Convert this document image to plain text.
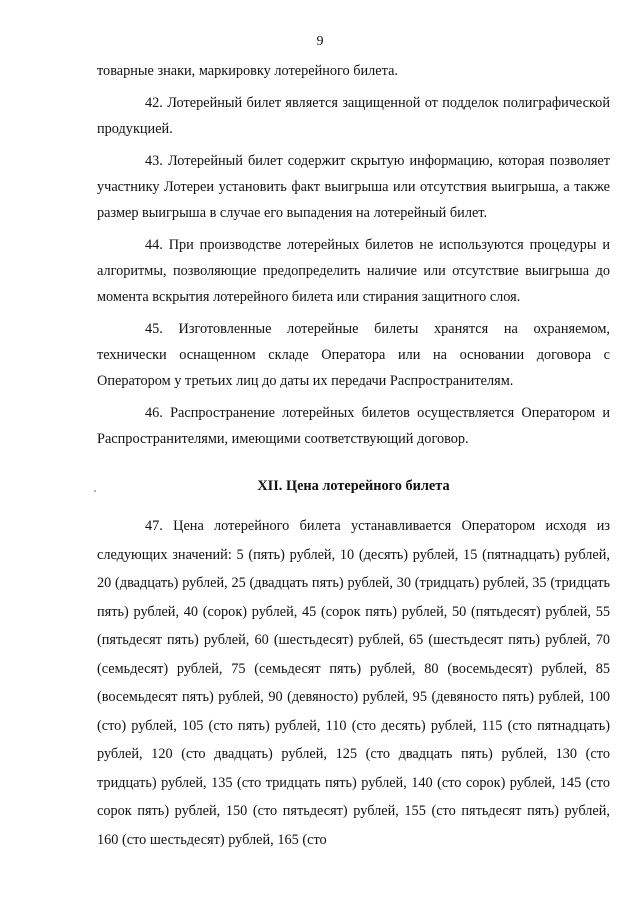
9

товарные знаки, маркировку лотерейного билета.

42. Лотерейный билет является защищенной от подделок полиграфической продукцией.

43. Лотерейный билет содержит скрытую информацию, которая позволяет участнику Лотереи установить факт выигрыша или отсутствия выигрыша, а также размер выигрыша в случае его выпадения на лотерейный билет.

44. При производстве лотерейных билетов не используются процедуры и алгоритмы, позволяющие предопределить наличие или отсутствие выигрыша до момента вскрытия лотерейного билета или стирания защитного слоя.

45. Изготовленные лотерейные билеты хранятся на охраняемом, технически оснащенном складе Оператора или на основании договора с Оператором у третьих лиц до даты их передачи Распространителям.

46. Распространение лотерейных билетов осуществляется Оператором и Распространителями, имеющими соответствующий договор.

XII. Цена лотерейного билета

47. Цена лотерейного билета устанавливается Оператором исходя из следующих значений: 5 (пять) рублей, 10 (десять) рублей, 15 (пятнадцать) рублей, 20 (двадцать) рублей, 25 (двадцать пять) рублей, 30 (тридцать) рублей, 35 (тридцать пять) рублей, 40 (сорок) рублей, 45 (сорок пять) рублей, 50 (пятьдесят) рублей, 55 (пятьдесят пять) рублей, 60 (шестьдесят) рублей, 65 (шестьдесят пять) рублей, 70 (семьдесят) рублей, 75 (семьдесят пять) рублей, 80 (восемьдесят) рублей, 85 (восемьдесят пять) рублей, 90 (девяносто) рублей, 95 (девяносто пять) рублей, 100 (сто) рублей, 105 (сто пять) рублей, 110 (сто десять) рублей, 115 (сто пятнадцать) рублей, 120 (сто двадцать) рублей, 125 (сто двадцать пять) рублей, 130 (сто тридцать) рублей, 135 (сто тридцать пять) рублей, 140 (сто сорок) рублей, 145 (сто сорок пять) рублей, 150 (сто пятьдесят) рублей, 155 (сто пятьдесят пять) рублей, 160 (сто шестьдесят) рублей, 165 (сто
